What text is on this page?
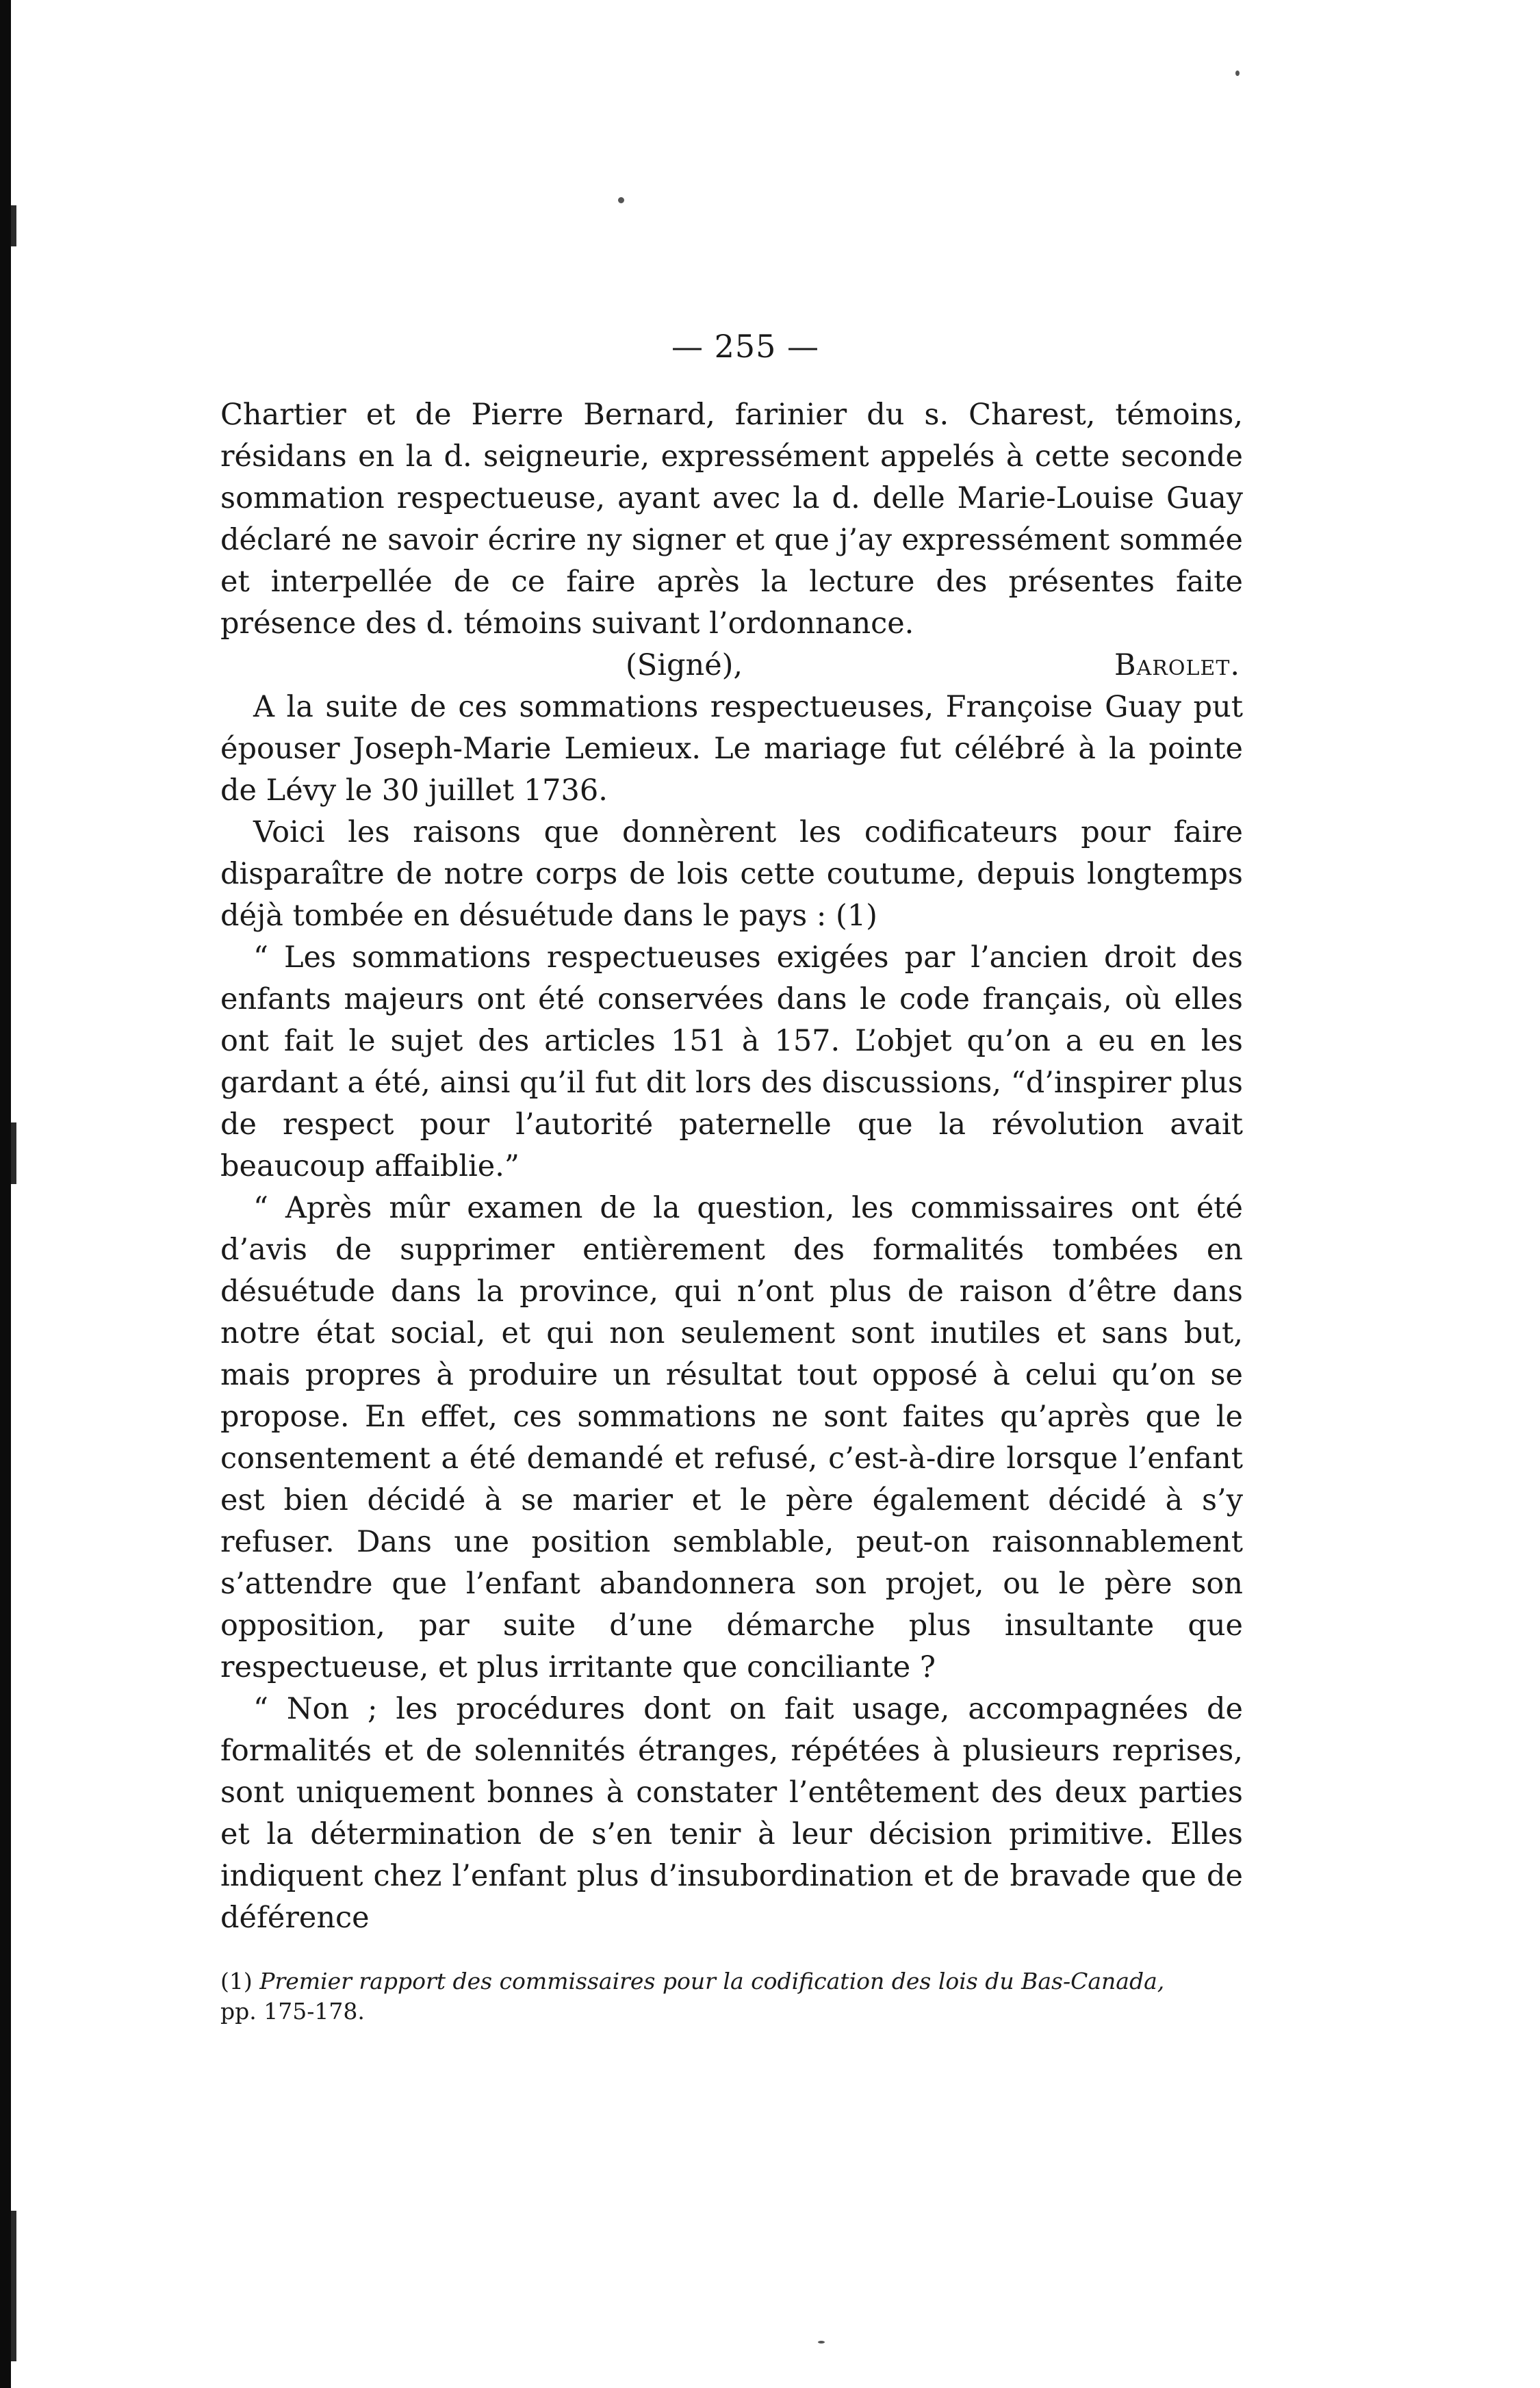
— 255 —

Chartier et de Pierre Bernard, farinier du s. Charest, témoins, résidans en la d. seigneurie, expressément appelés à cette seconde sommation respectueuse, ayant avec la d. delle Marie-Louise Guay déclaré ne savoir écrire ny signer et que j’ay expressément sommée et interpellée de ce faire après la lecture des présentes faite présence des d. témoins suivant l’ordonnance.

(Signé),	Barolet.

A la suite de ces sommations respectueuses, Françoise Guay put épouser Joseph-Marie Lemieux. Le mariage fut célébré à la pointe de Lévy le 30 juillet 1736.

Voici les raisons que donnèrent les codificateurs pour faire disparaître de notre corps de lois cette coutume, depuis longtemps déjà tombée en désuétude dans le pays : (1)

“ Les sommations respectueuses exigées par l’ancien droit des enfants majeurs ont été conservées dans le code français, où elles ont fait le sujet des articles 151 à 157. L’objet qu’on a eu en les gardant a été, ainsi qu’il fut dit lors des discussions, “d’inspirer plus de respect pour l’autorité paternelle que la révolution avait beaucoup affaiblie.”

“ Après mûr examen de la question, les commissaires ont été d’avis de supprimer entièrement des formalités tombées en désuétude dans la province, qui n’ont plus de raison d’être dans notre état social, et qui non seulement sont inutiles et sans but, mais propres à produire un résultat tout opposé à celui qu’on se propose. En effet, ces sommations ne sont faites qu’après que le consentement a été demandé et refusé, c’est-à-dire lorsque l’enfant est bien décidé à se marier et le père également décidé à s’y refuser. Dans une position semblable, peut-on raisonnablement s’attendre que l’enfant abandonnera son projet, ou le père son opposition, par suite d’une démarche plus insultante que respectueuse, et plus irritante que conciliante ?

“ Non ; les procédures dont on fait usage, accompagnées de formalités et de solennités étranges, répétées à plusieurs reprises, sont uniquement bonnes à constater l’entêtement des deux parties et la détermination de s’en tenir à leur décision primitive. Elles indiquent chez l’enfant plus d’insubordination et de bravade que de déférence

(1) Premier rapport des commissaires pour la codification des lois du Bas-Canada,
pp. 175-178.
